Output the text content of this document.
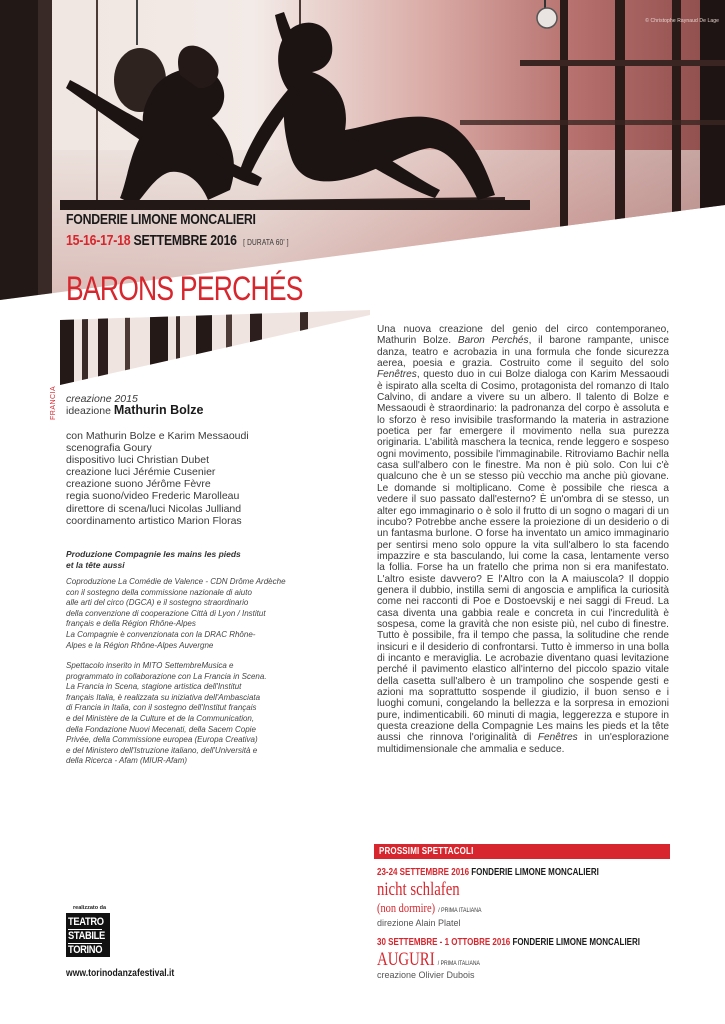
© Christophe Raynaud De Lage
FONDERIE LIMONE MONCALIERI
15-16-17-18 SETTEMBRE 2016 [ DURATA 60' ]
BARONS PERCHÉS
FRANCIA creazione 2015
ideazione Mathurin Bolze
con Mathurin Bolze e Karim Messaoudi
scenografia Goury
dispositivo luci Christian Dubet
creazione luci Jérémie Cusenier
creazione suono Jérôme Fèvre
regia suono/video Frederic Marolleau
direttore di scena/luci Nicolas Julliand
coordinamento artistico Marion Floras
Produzione Compagnie les mains les pieds
et la tête aussi
Coproduzione La Comédie de Valence - CDN Drôme Ardèche
con il sostegno della commissione nazionale di aiuto
alle arti del circo (DGCA) e il sostegno straordinario
della convenzione di cooperazione Città di Lyon / Institut
français e della Région Rhône-Alpes
La Compagnie è convenzionata con la DRAC Rhône-
Alpes e la Région Rhône-Alpes Auvergne
Spettacolo inserito in MITO SettembreMusica e
programmato in collaborazione con La Francia in Scena.
La Francia in Scena, stagione artistica dell'Institut
français Italia, è realizzata su iniziativa dell'Ambasciata
di Francia in Italia, con il sostegno dell'Institut français
e del Ministère de la Culture et de la Communication,
della Fondazione Nuovi Mecenati, della Sacem Copie
Privée, della Commissione europea (Europa Creativa)
e del Ministero dell'Istruzione italiano, dell'Università e
della Ricerca - Afam (MIUR-Afam)
Una nuova creazione del genio del circo contemporaneo, Mathurin Bolze. Baron Perchés, il barone rampante, unisce danza, teatro e acrobazia in una formula che fonde sicurezza aerea, poesia e grazia. Costruito come il seguito del solo Fenêtres, questo duo in cui Bolze dialoga con Karim Messaoudi è ispirato alla scelta di Cosimo, protagonista del romanzo di Italo Calvino, di andare a vivere su un albero. Il talento di Bolze e Messaoudi è straordinario: la padronanza del corpo è assoluta e lo sforzo è reso invisibile trasformando la materia in astrazione poetica per far emergere il movimento nella sua purezza originaria. L'abilità maschera la tecnica, rende leggero e sospeso ogni movimento, possibile l'immaginabile. Ritroviamo Bachir nella casa sull'albero con le finestre. Ma non è più solo. Con lui c'è qualcuno che è un se stesso più vecchio ma anche più giovane. Le domande si moltiplicano. Come è possibile che riesca a vedere il suo passato dall'esterno? È un'ombra di se stesso, un alter ego immaginario o è solo il frutto di un sogno o magari di un incubo? Potrebbe anche essere la proiezione di un desiderio o di un fantasma burlone. O forse ha inventato un amico immaginario per sentirsi meno solo oppure la vita sull'albero lo sta facendo impazzire e sta basculando, lui come la casa, lentamente verso la follia. Forse ha un fratello che prima non si era manifestato. L'altro esiste davvero? E l'Altro con la A maiuscola? Il doppio genera il dubbio, instilla semi di angoscia e amplifica la curiosità come nei racconti di Poe e Dostoevskij e nei saggi di Freud. La casa diventa una gabbia reale e concreta in cui l'incredulità è sospesa, come la gravità che non esiste più, nel cubo di finestre. Tutto è possibile, fra il tempo che passa, la solitudine che rende insicuri e il desiderio di confrontarsi. Tutto è immerso in una bolla di incanto e meraviglia. Le acrobazie diventano quasi levitazione perché il pavimento elastico all'interno del piccolo spazio vitale della casetta sull'albero è un trampolino che sospende gesti e azioni ma soprattutto sospende il giudizio, il buon senso e i luoghi comuni, congelando la bellezza e la sorpresa in emozioni pure, indimenticabili. 60 minuti di magia, leggerezza e stupore in questa creazione della Compagnie Les mains les pieds et la tête aussi che rinnova l'originalità di Fenêtres in un'esplorazione multidimensionale che ammalia e seduce.
PROSSIMI SPETTACOLI
23-24 SETTEMBRE 2016 FONDERIE LIMONE MONCALIERI
nicht schlafen
(non dormire) / PRIMA ITALIANA
direzione Alain Platel
30 SETTEMBRE - 1 OTTOBRE 2016 FONDERIE LIMONE MONCALIERI
AUGURI / PRIMA ITALIANA
creazione Olivier Dubois
realizzato da
TEATRO
STABILE
TORINO
www.torinodanzafestival.it
